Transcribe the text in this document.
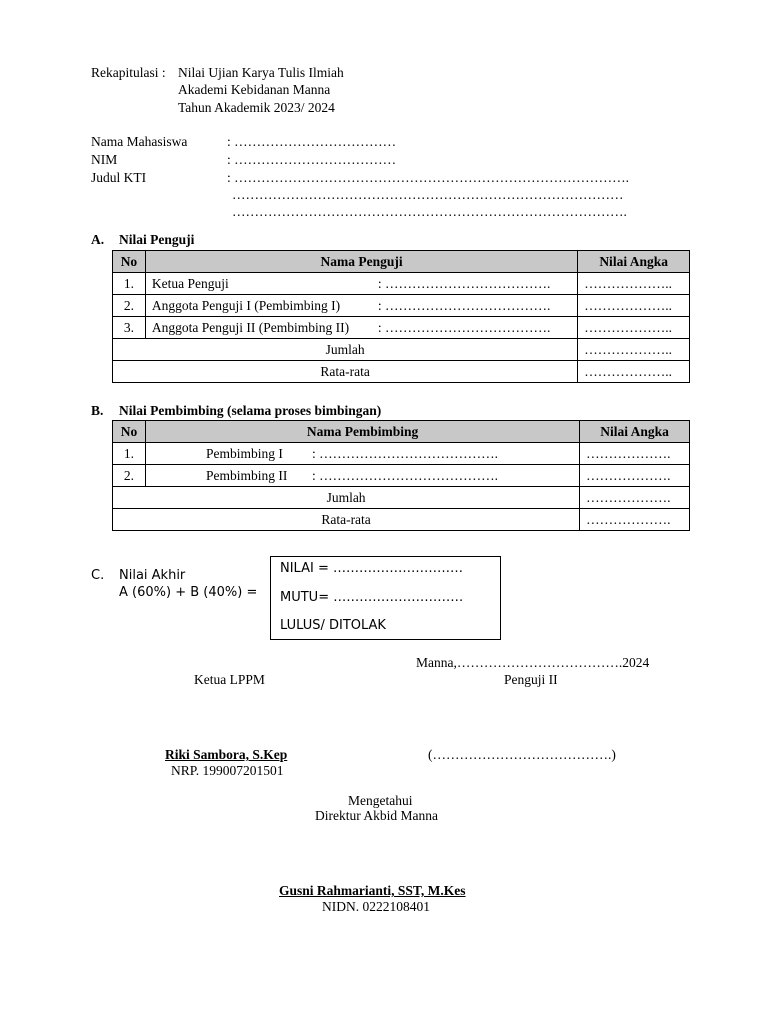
Rekapitulasi : Nilai Ujian Karya Tulis Ilmiah
Akademi Kebidanan Manna
Tahun Akademik 2023/ 2024
Nama Mahasiswa	: ………………………………
NIM	: ………………………………
Judul KTI	: …………………………………………………………………………….
……………………………………………………………………………
…………………………………………………………………………….
A. Nilai Penguji
No	Nama Penguji	Nilai Angka
1.	Ketua Penguji : ……………………………….	………………..
2.	Anggota Penguji I (Pembimbing I) : ……………………………….	………………..
3.	Anggota Penguji II (Pembimbing II) : ……………………………….	………………..
Jumlah		………………..
Rata-rata		………………..
B. Nilai Pembimbing (selama proses bimbingan)
No	Nama Pembimbing	Nilai Angka
1.	Pembimbing I : ………………………………….	……………….
2.	Pembimbing II : ………………………………….	……………….
Jumlah		……………….
Rata-rata		……………….
C. Nilai Akhir
A (60%) + B (40%) =
NILAI = …………………………
MUTU= …………………………
LULUS/ DITOLAK
Manna,……………………………….2024
Ketua LPPM	Penguji II
Riki Sambora, S.Kep
NRP. 199007201501
(………………………………….)
Mengetahui
Direktur Akbid Manna
Gusni Rahmarianti, SST, M.Kes
NIDN. 0222108401
